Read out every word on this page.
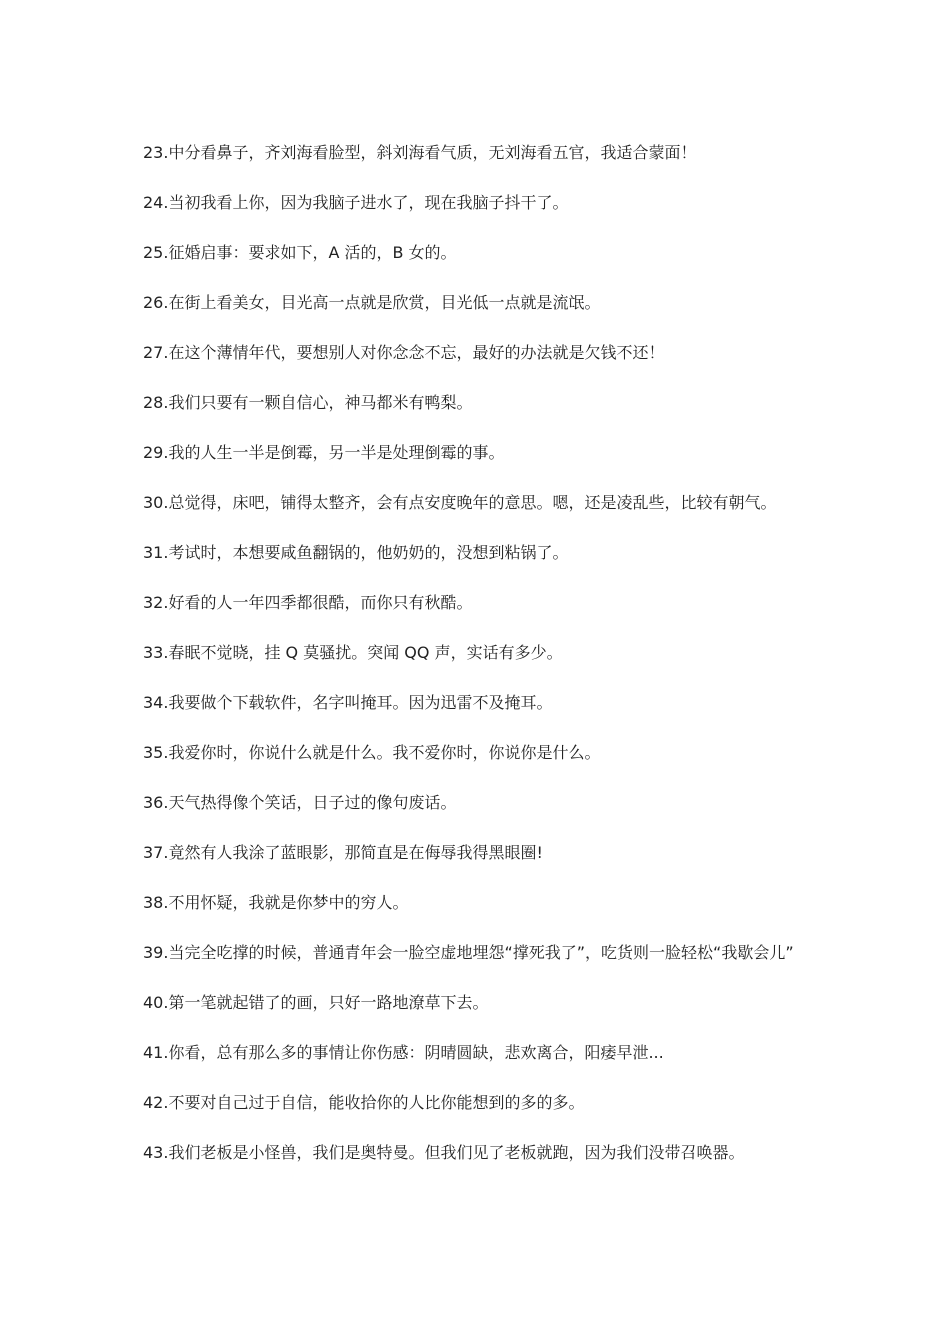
23.中分看鼻子，齐刘海看脸型，斜刘海看气质，无刘海看五官，我适合蒙面！
24.当初我看上你，因为我脑子进水了，现在我脑子抖干了。
25.征婚启事：要求如下，A 活的，B 女的。
26.在街上看美女，目光高一点就是欣赏，目光低一点就是流氓。
27.在这个薄情年代，要想别人对你念念不忘，最好的办法就是欠钱不还！
28.我们只要有一颗自信心，神马都米有鸭梨。
29.我的人生一半是倒霉，另一半是处理倒霉的事。
30.总觉得，床吧，铺得太整齐，会有点安度晚年的意思。嗯，还是凌乱些，比较有朝气。
31.考试时，本想要咸鱼翻锅的，他奶奶的，没想到粘锅了。
32.好看的人一年四季都很酷，而你只有秋酷。
33.春眠不觉晓，挂 Q 莫骚扰。突闻 QQ 声，实话有多少。
34.我要做个下载软件，名字叫掩耳。因为迅雷不及掩耳。
35.我爱你时，你说什么就是什么。我不爱你时，你说你是什么。
36.天气热得像个笑话，日子过的像句废话。
37.竟然有人我涂了蓝眼影，那简直是在侮辱我得黑眼圈!
38.不用怀疑，我就是你梦中的穷人。
39.当完全吃撑的时候，普通青年会一脸空虚地埋怨“撑死我了”，吃货则一脸轻松“我歇会儿”
40.第一笔就起错了的画，只好一路地潦草下去。
41.你看，总有那么多的事情让你伤感：阴晴圆缺，悲欢离合，阳痿早泄...
42.不要对自己过于自信，能收拾你的人比你能想到的多的多。
43.我们老板是小怪兽，我们是奥特曼。但我们见了老板就跑，因为我们没带召唤器。
